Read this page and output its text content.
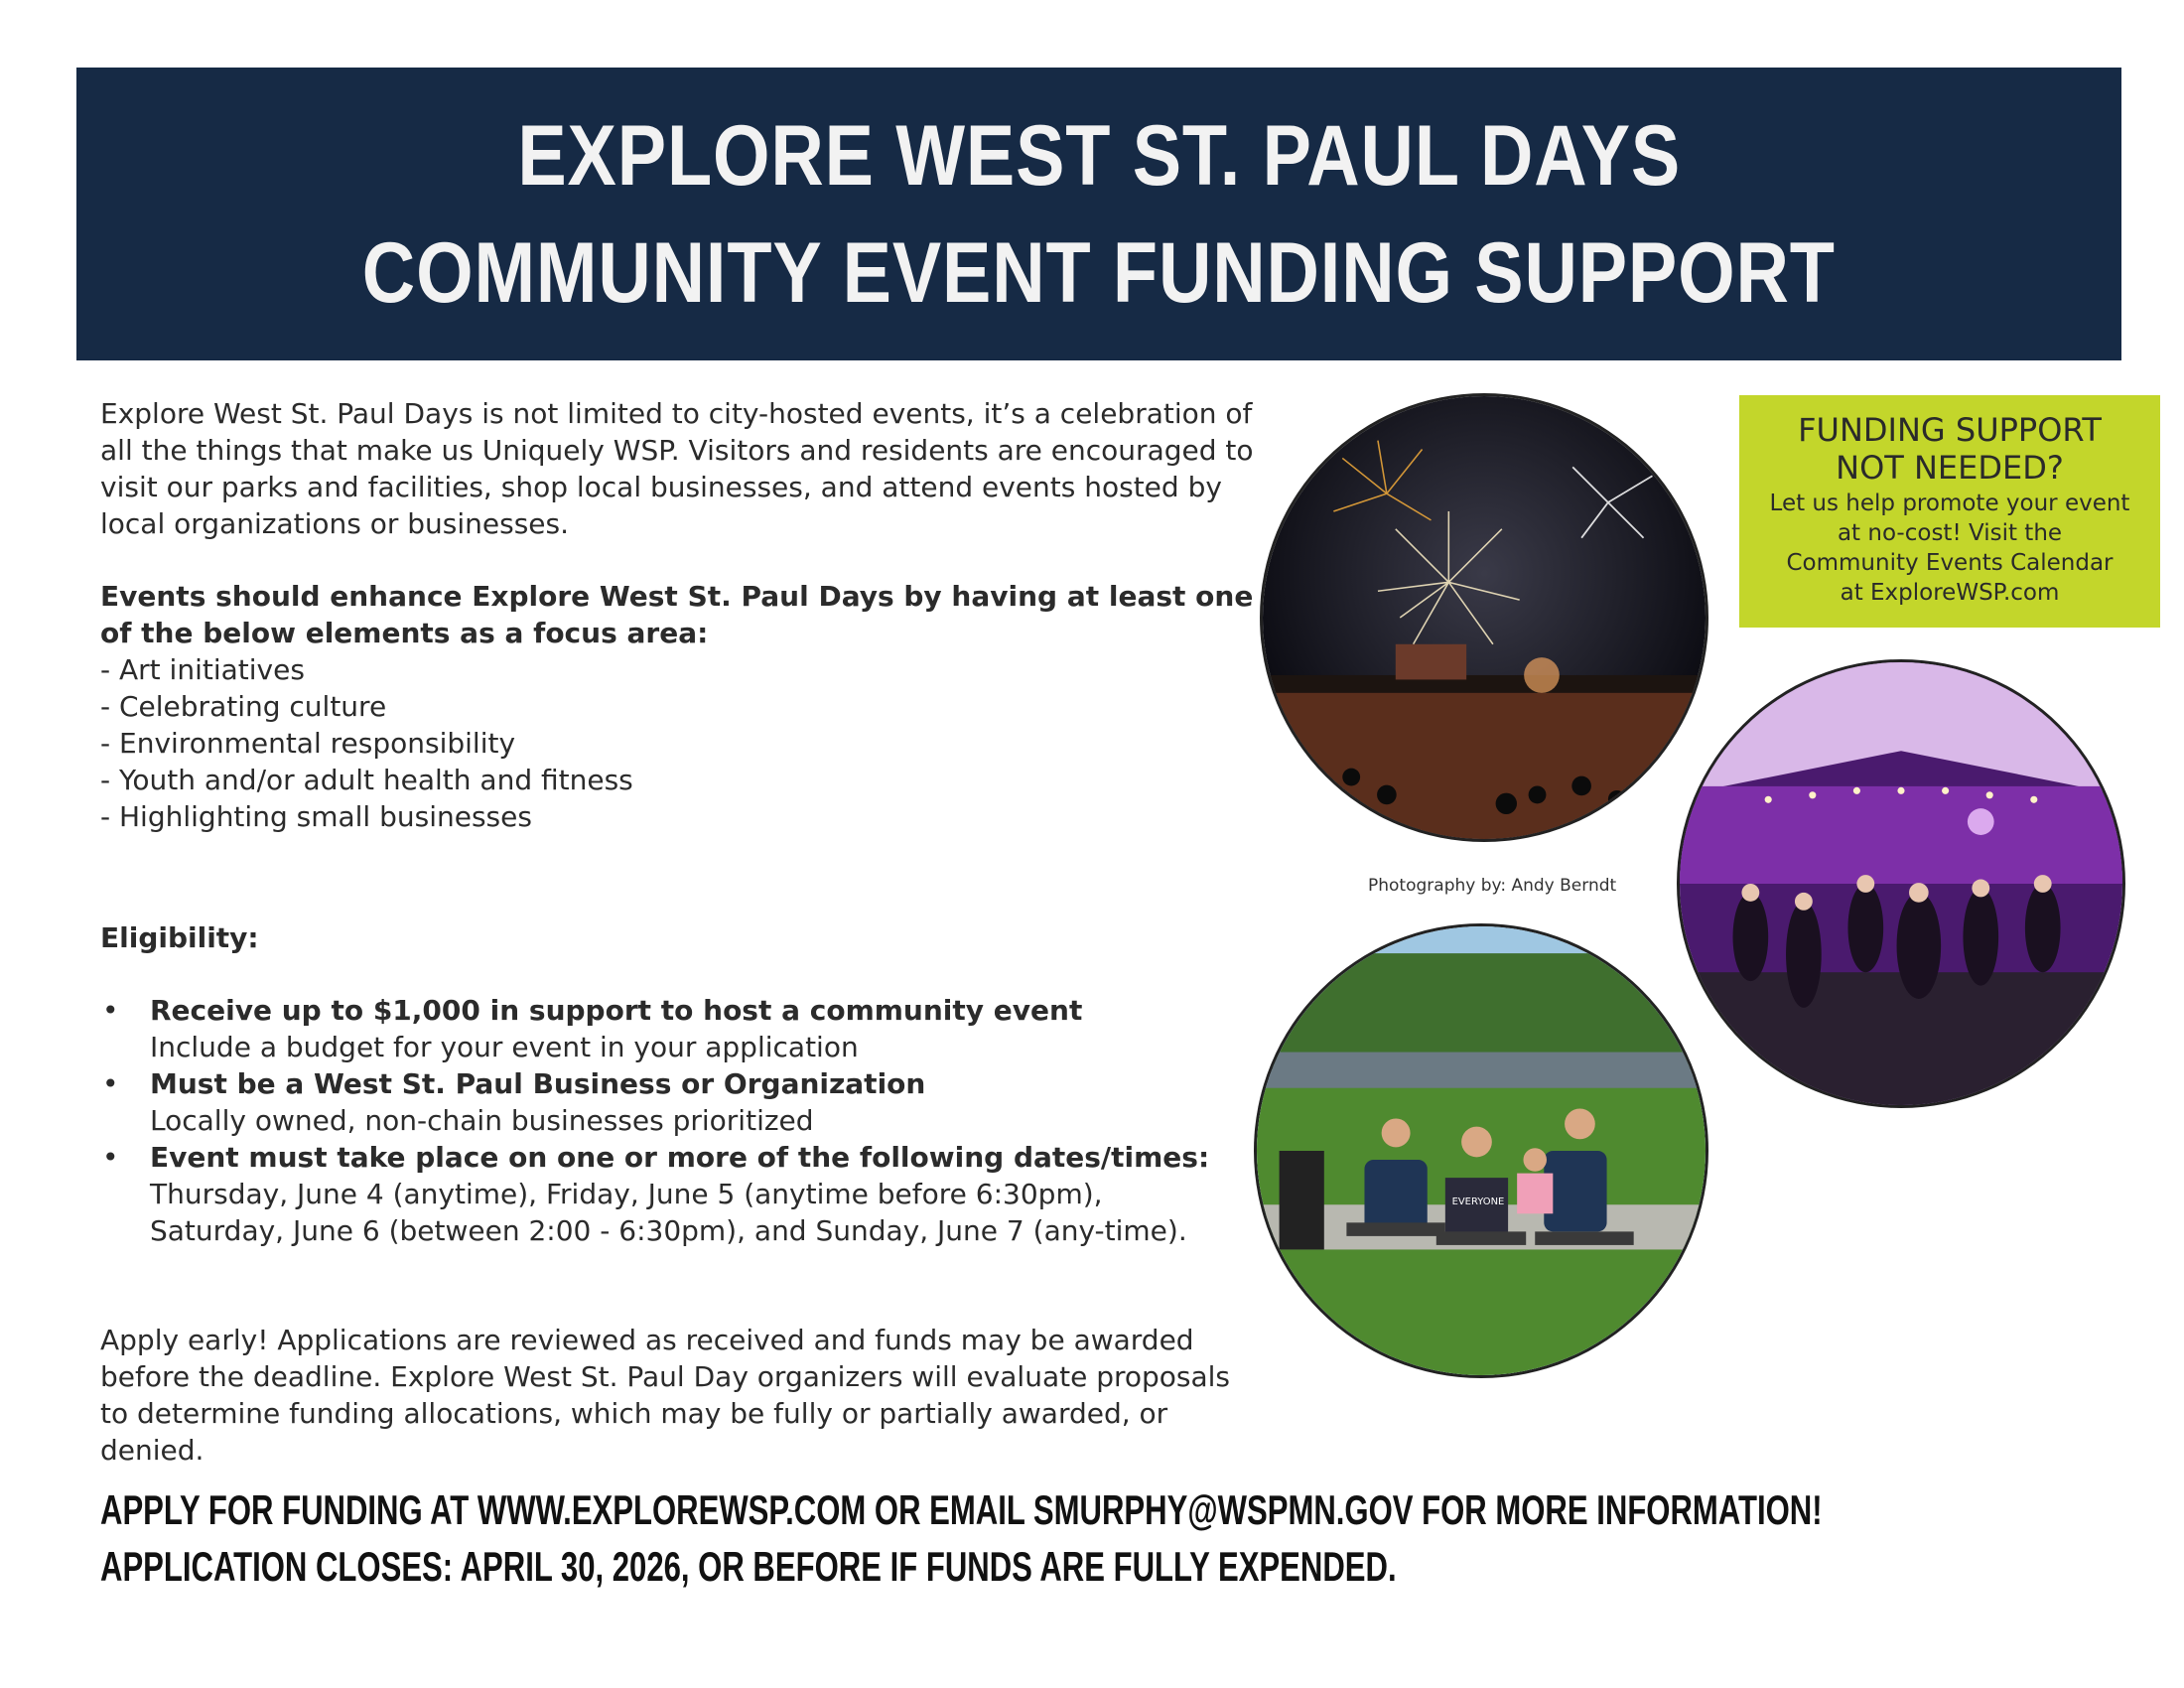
EXPLORE WEST ST. PAUL DAYS
COMMUNITY EVENT FUNDING SUPPORT

Explore West St. Paul Days is not limited to city-hosted events, it’s a celebration of all the things that make us Uniquely WSP. Visitors and residents are encouraged to visit our parks and facilities, shop local businesses, and attend events hosted by local organizations or businesses.

Events should enhance Explore West St. Paul Days by having at least one of the below elements as a focus area:

- Art initiatives
- Celebrating culture
- Environmental responsibility
- Youth and/or adult health and fitness
- Highlighting small businesses

Eligibility:

• Receive up to $1,000 in support to host a community event
Include a budget for your event in your application
• Must be a West St. Paul Business or Organization
Locally owned, non-chain businesses prioritized
• Event must take place on one or more of the following dates/times:
Thursday, June 4 (anytime), Friday, June 5 (anytime before 6:30pm), Saturday, June 6 (between 2:00 - 6:30pm), and Sunday, June 7 (any-time).

Apply early! Applications are reviewed as received and funds may be awarded before the deadline. Explore West St. Paul Day organizers will evaluate proposals to determine funding allocations, which may be fully or partially awarded, or denied.

APPLY FOR FUNDING AT WWW.EXPLOREWSP.COM OR EMAIL SMURPHY@WSPMN.GOV FOR MORE INFORMATION!
APPLICATION CLOSES: APRIL 30, 2026, OR BEFORE IF FUNDS ARE FULLY EXPENDED.
FUNDING SUPPORT
NOT NEEDED?
Let us help promote your event
at no-cost! Visit the
Community Events Calendar
at ExploreWSP.com
EVERYONE
Photography by: Andy Berndt
